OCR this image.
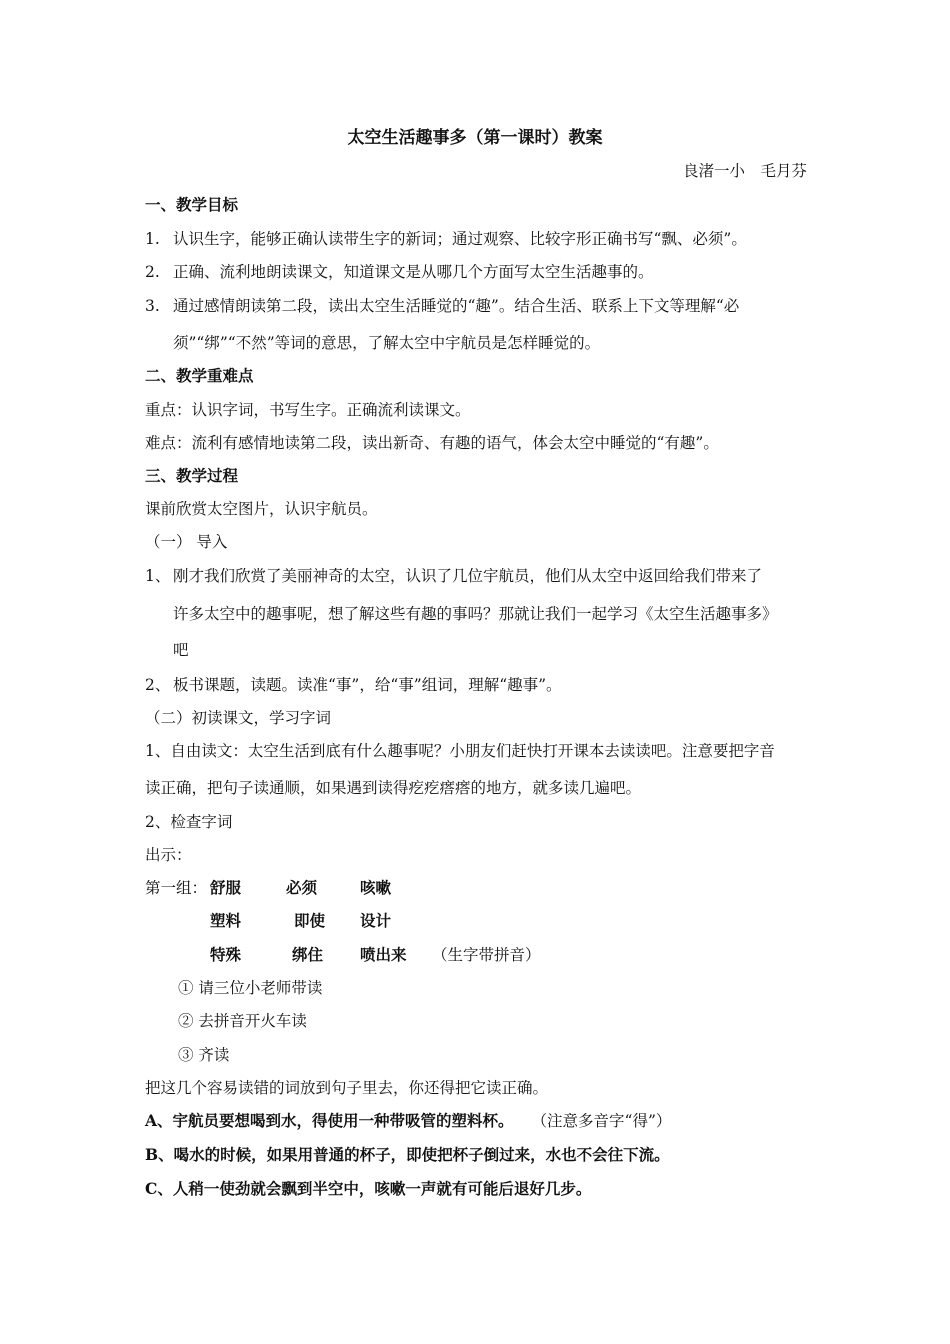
太空生活趣事多（第一课时）教案
良渚一小　毛月芬
一、教学目标
1. 认识生字，能够正确认读带生字的新词；通过观察、比较字形正确书写“飘、必须”。
2. 正确、流利地朗读课文，知道课文是从哪几个方面写太空生活趣事的。
3. 通过感情朗读第二段，读出太空生活睡觉的“趣”。结合生活、联系上下文等理解“必
须”“绑”“不然”等词的意思，了解太空中宇航员是怎样睡觉的。
二、教学重难点
重点：认识字词，书写生字。正确流利读课文。
难点：流利有感情地读第二段，读出新奇、有趣的语气，体会太空中睡觉的“有趣”。
三、教学过程
课前欣赏太空图片，认识宇航员。
（一） 导入
1、 刚才我们欣赏了美丽神奇的太空，认识了几位宇航员，他们从太空中返回给我们带来了
许多太空中的趣事呢，想了解这些有趣的事吗？那就让我们一起学习《太空生活趣事多》
吧
2、 板书课题，读题。读准“事”，给“事”组词，理解“趣事”。
（二）初读课文，学习字词
1、自由读文：太空生活到底有什么趣事呢？小朋友们赶快打开课本去读读吧。注意要把字音
读正确，把句子读通顺，如果遇到读得疙疙瘩瘩的地方，就多读几遍吧。
2、检查字词
出示：
第一组： 舒服	必须	咳嗽
塑料	即使 设计
特殊	绑住 喷出来 （生字带拼音）
① 请三位小老师带读
② 去拼音开火车读
③ 齐读
把这几个容易读错的词放到句子里去，你还得把它读正确。
A、宇航员要想喝到水，得使用一种带吸管的塑料杯。 （注意多音字“得”）
B、喝水的时候，如果用普通的杯子，即使把杯子倒过来，水也不会往下流。
C、人稍一使劲就会飘到半空中，咳嗽一声就有可能后退好几步。
